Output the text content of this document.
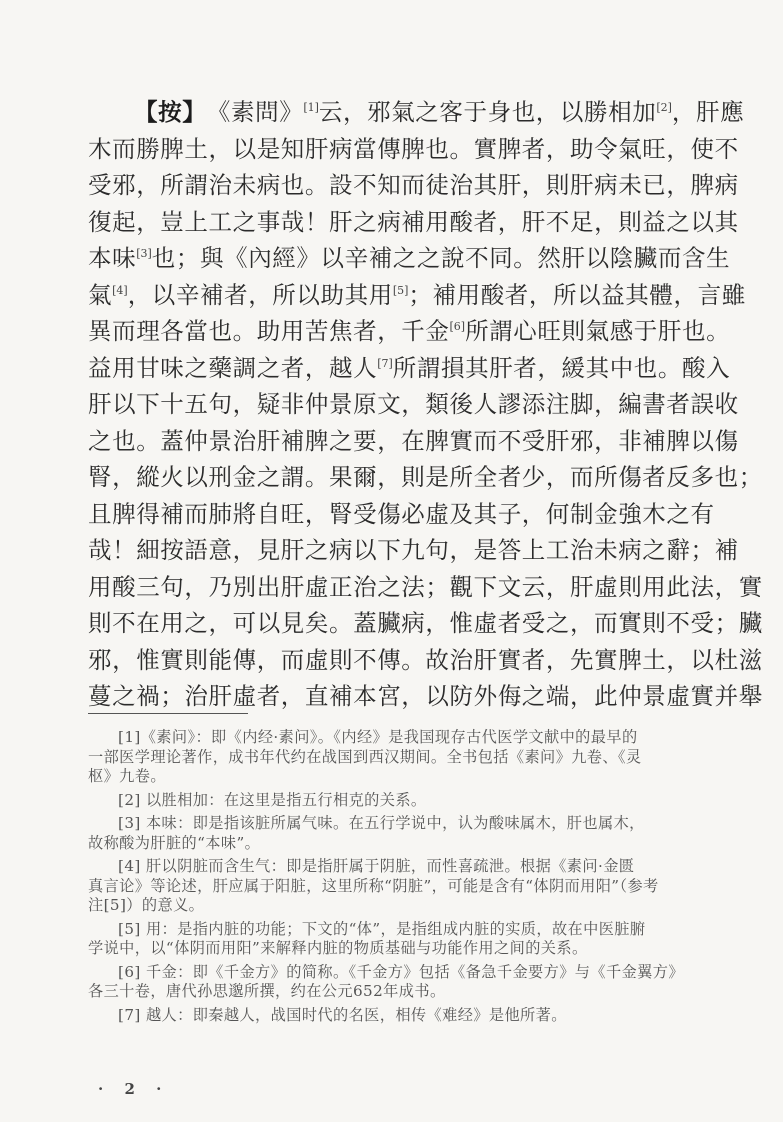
【按】　《素問》[1]云，邪氣之客于身也，以勝相加[2]，肝應
木而勝脾土，以是知肝病當傳脾也。實脾者，助令氣旺，使不
受邪，所謂治未病也。設不知而徒治其肝，則肝病未已，脾病
復起，豈上工之事哉！肝之病補用酸者，肝不足，則益之以其
本味[3]也；與《內經》以辛補之之說不同。然肝以陰臟而含生
氣[4]，以辛補者，所以助其用[5]；補用酸者，所以益其體，言雖
異而理各當也。助用苦焦者，千金[6]所謂心旺則氣感于肝也。
益用甘味之藥調之者，越人[7]所謂損其肝者，緩其中也。酸入
肝以下十五句，疑非仲景原文，類後人謬添注脚，編書者誤收
之也。蓋仲景治肝補脾之要，在脾實而不受肝邪，非補脾以傷
腎，縱火以刑金之謂。果爾，則是所全者少，而所傷者反多也；
且脾得補而肺將自旺，腎受傷必虛及其子，何制金強木之有
哉！細按語意，見肝之病以下九句，是答上工治未病之辭；補
用酸三句，乃別出肝虛正治之法；觀下文云，肝虛則用此法，實
則不在用之，可以見矣。蓋臟病，惟虛者受之，而實則不受；臟
邪，惟實則能傳，而虛則不傳。故治肝實者，先實脾土，以杜滋
蔓之禍；治肝虛者，直補本宮，以防外侮之端，此仲景虛實并舉
[1]《素问》：即《内经·素问》。《内经》是我国现存古代医学文献中的最早的
一部医学理论著作，成书年代约在战国到西汉期间。全书包括《素问》九卷、《灵
枢》九卷。
[2] 以胜相加：在这里是指五行相克的关系。
[3] 本味：即是指该脏所属气味。在五行学说中，认为酸味属木，肝也属木，
故称酸为肝脏的“本味”。
[4] 肝以阴脏而含生气：即是指肝属于阴脏，而性喜疏泄。根据《素问·金匮
真言论》等论述，肝应属于阳脏，这里所称“阴脏”，可能是含有“体阴而用阳”（参考
注[5]）的意义。
[5] 用：是指内脏的功能；下文的“体”，是指组成内脏的实质，故在中医脏腑
学说中，以“体阴而用阳”来解释内脏的物质基础与功能作用之间的关系。
[6] 千金：即《千金方》的简称。《千金方》包括《备急千金要方》与《千金翼方》
各三十卷，唐代孙思邈所撰，约在公元652年成书。
[7] 越人：即秦越人，战国时代的名医，相传《难经》是他所著。
· 2 ·
